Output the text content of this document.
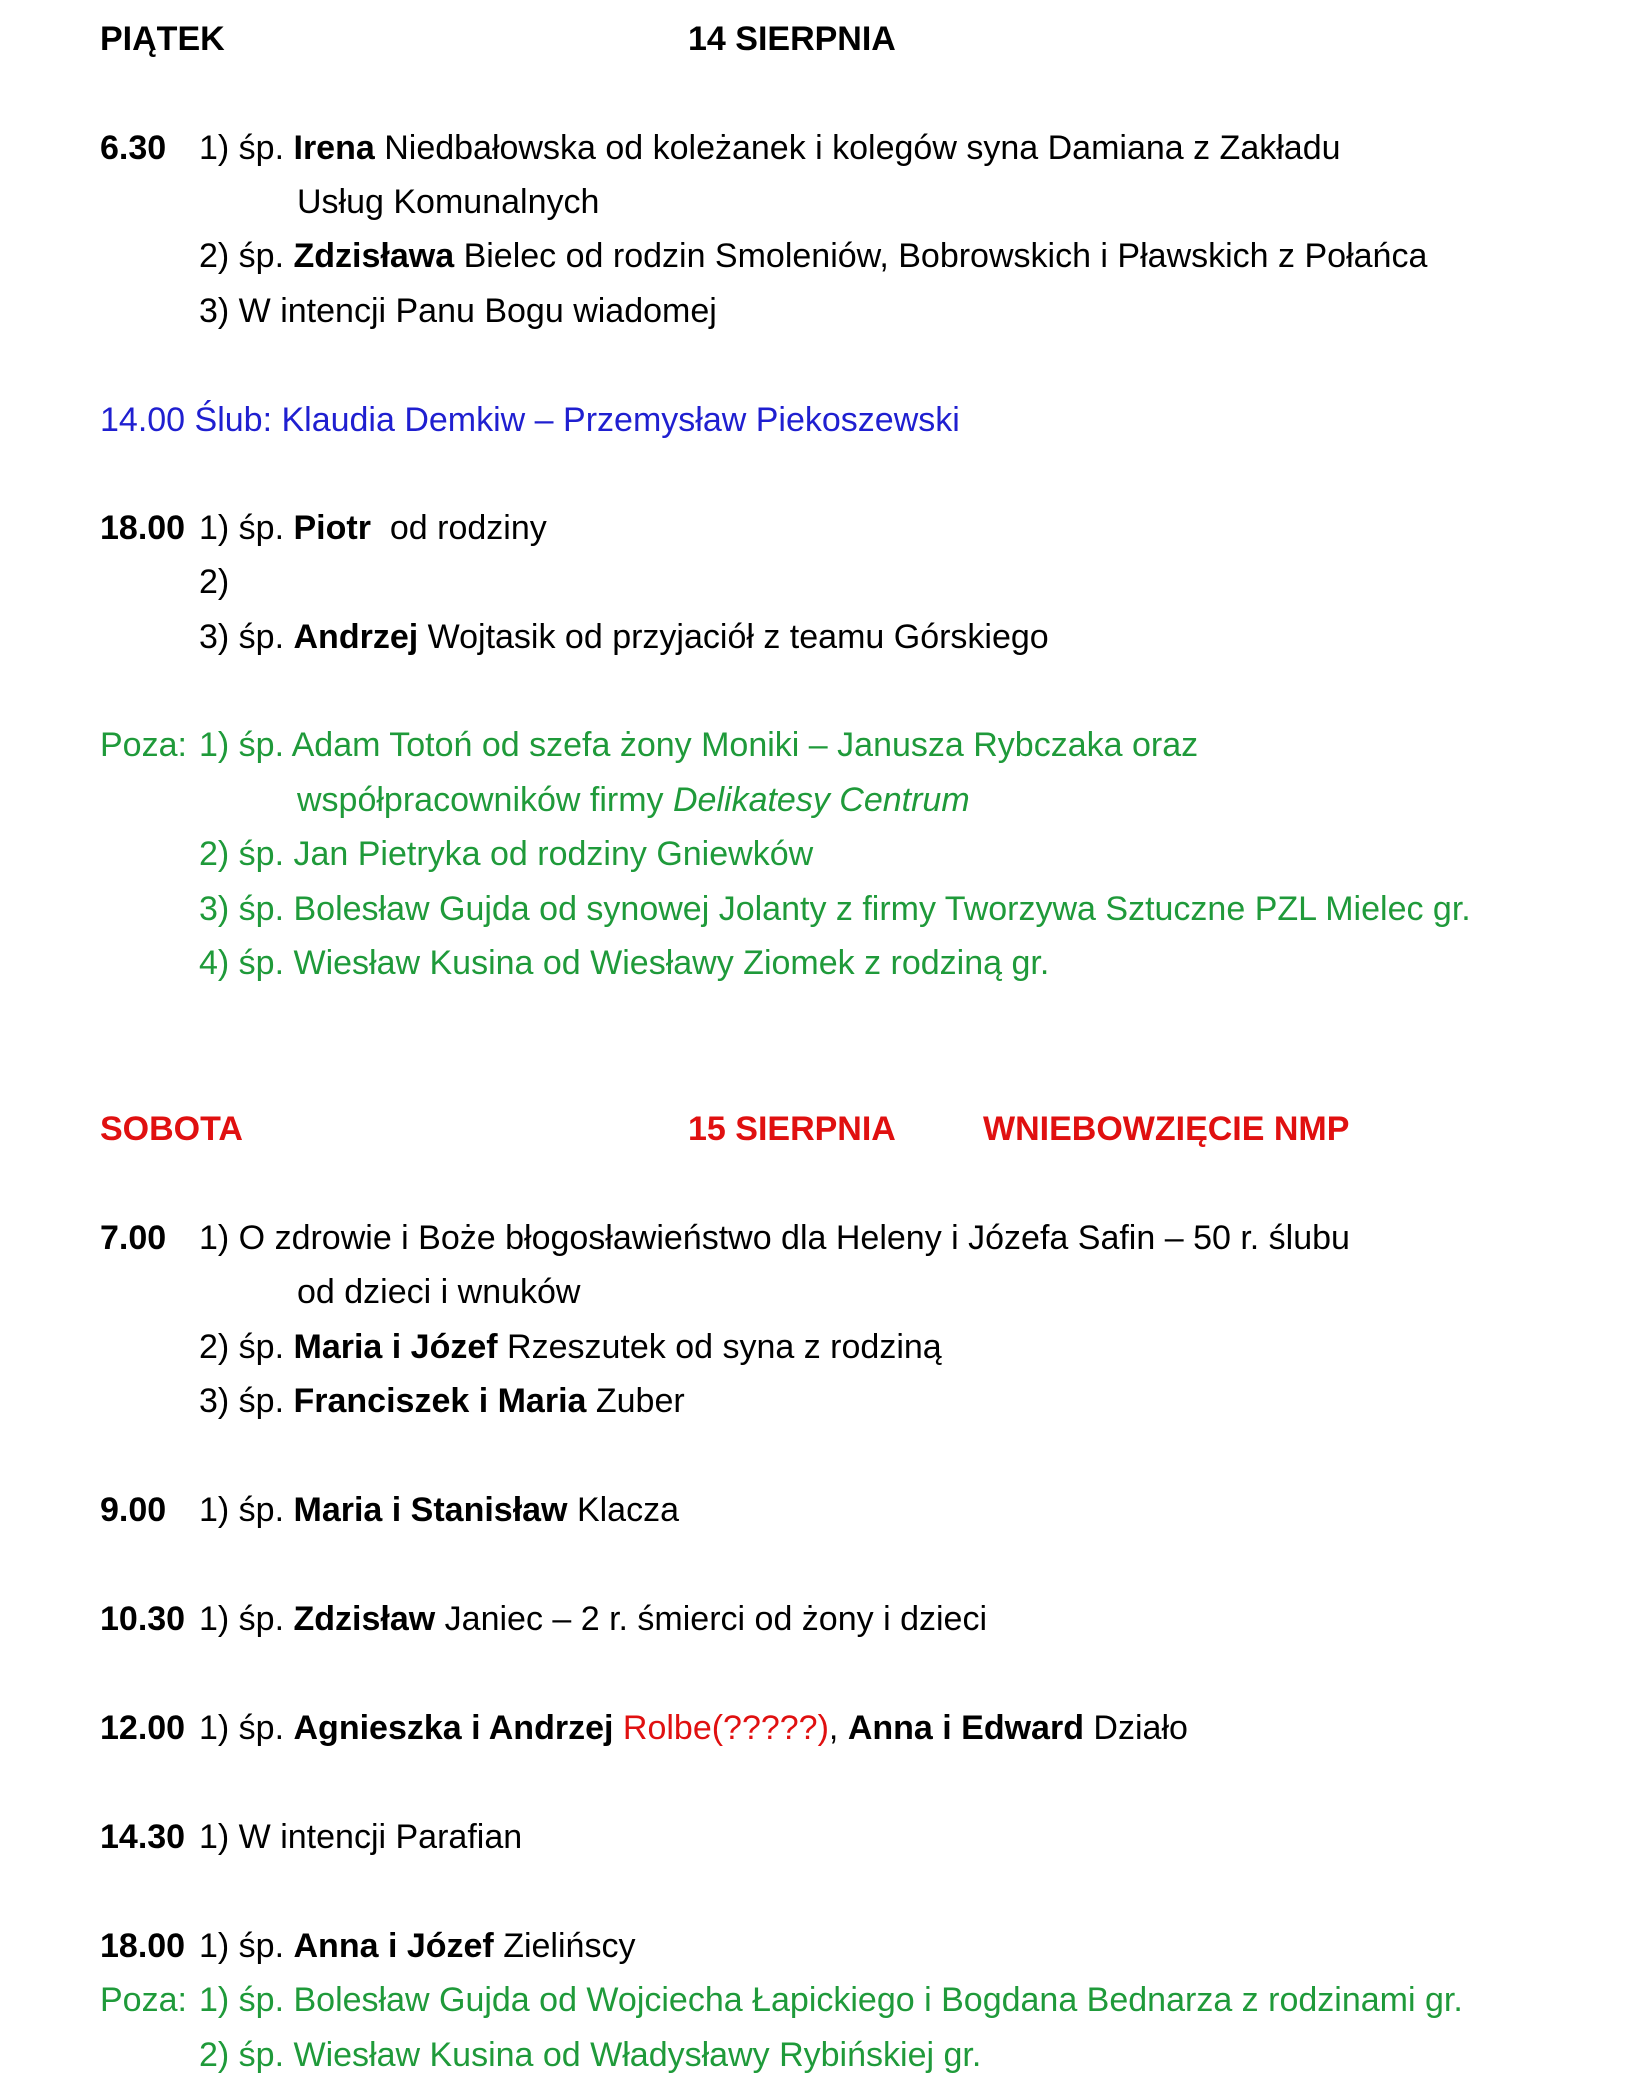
PIĄTEK	14 SIERPNIA
6.30 1) śp. Irena Niedbałowska od koleżanek i kolegów syna Damiana z Zakładu
Usług Komunalnych
2) śp. Zdzisława Bielec od rodzin Smoleniów, Bobrowskich i Pławskich z Połańca
3) W intencji Panu Bogu wiadomej
14.00 Ślub: Klaudia Demkiw – Przemysław Piekoszewski
18.00 1) śp. Piotr od rodziny
2)
3) śp. Andrzej Wojtasik od przyjaciół z teamu Górskiego
Poza: 1) śp. Adam Totoń od szefa żony Moniki – Janusza Rybczaka oraz
współpracowników firmy Delikatesy Centrum
2) śp. Jan Pietryka od rodziny Gniewków
3) śp. Bolesław Gujda od synowej Jolanty z firmy Tworzywa Sztuczne PZL Mielec gr.
4) śp. Wiesław Kusina od Wiesławy Ziomek z rodziną gr.
SOBOTA	15 SIERPNIA	WNIEBOWZIĘCIE NMP
7.00 1) O zdrowie i Boże błogosławieństwo dla Heleny i Józefa Safin – 50 r. ślubu
od dzieci i wnuków
2) śp. Maria i Józef Rzeszutek od syna z rodziną
3) śp. Franciszek i Maria Zuber
9.00 1) śp. Maria i Stanisław Klacza
10.30 1) śp. Zdzisław Janiec – 2 r. śmierci od żony i dzieci
12.00 1) śp. Agnieszka i Andrzej Rolbe(?????), Anna i Edward Działo
14.30 1) W intencji Parafian
18.00 1) śp. Anna i Józef Zielińscy
Poza: 1) śp. Bolesław Gujda od Wojciecha Łapickiego i Bogdana Bednarza z rodzinami gr.
2) śp. Wiesław Kusina od Władysławy Rybińskiej gr.
